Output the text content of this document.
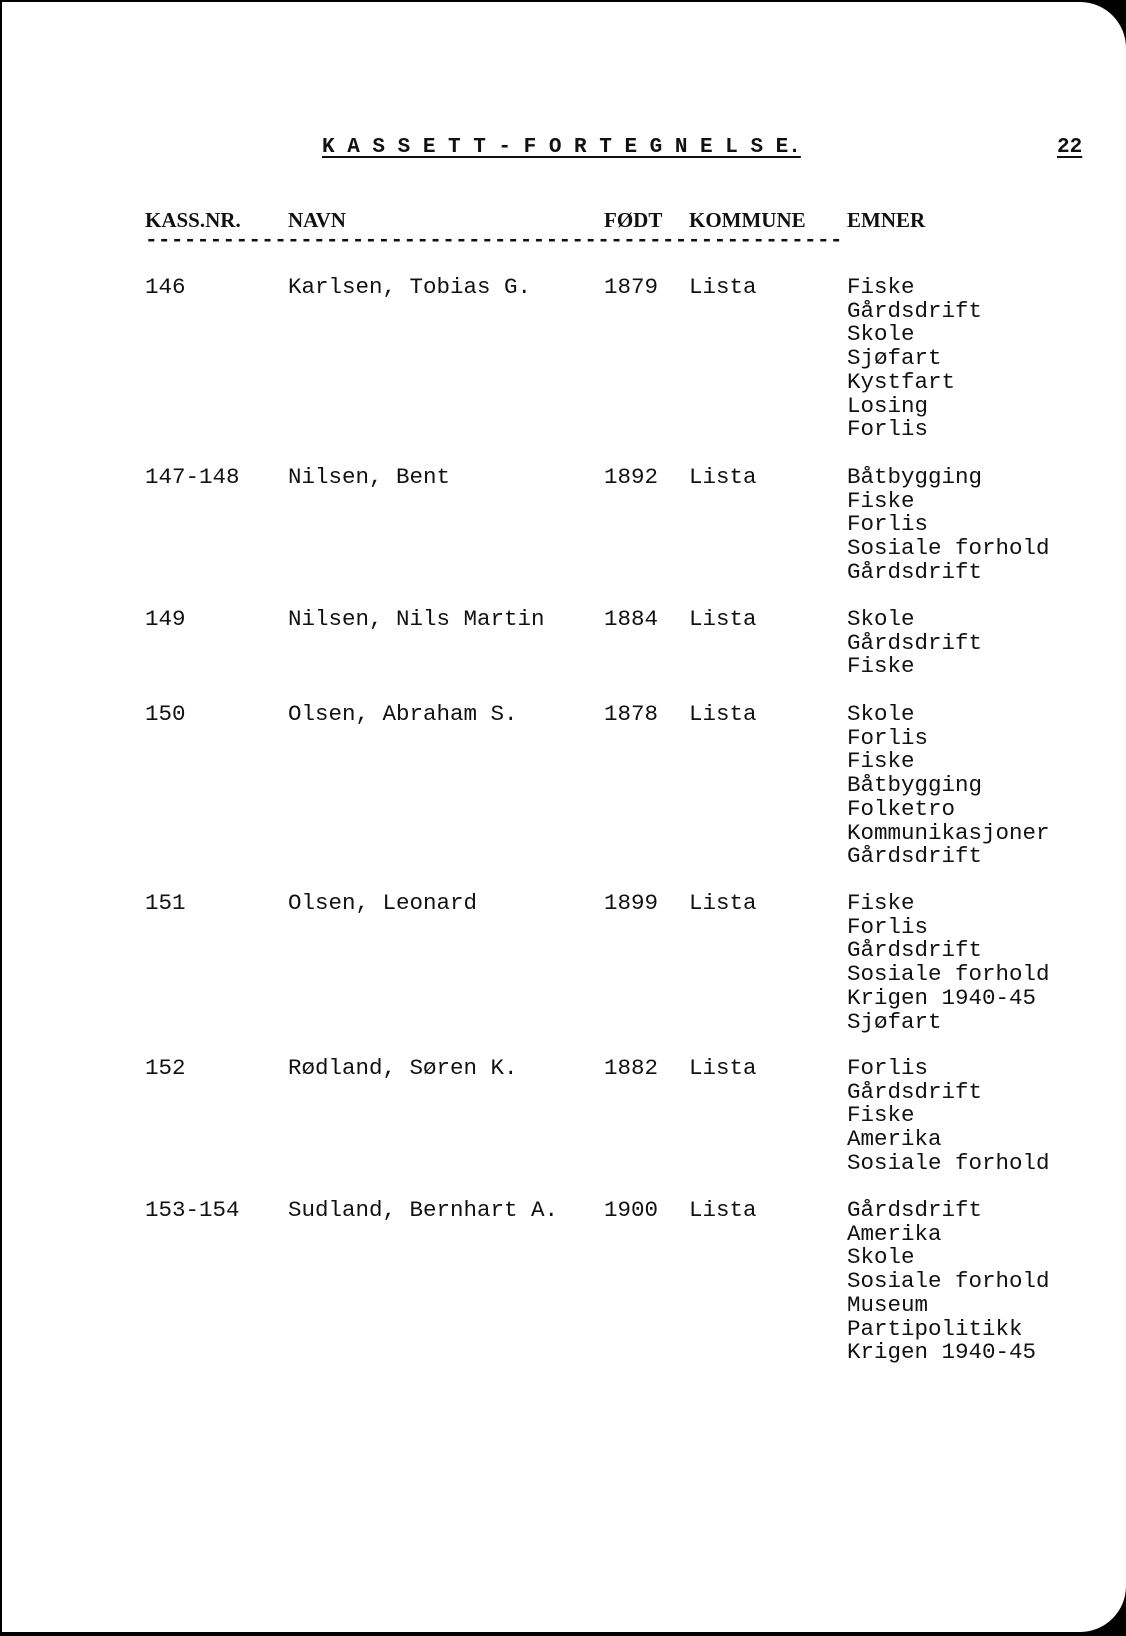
K A S S E T T - F O R T E G N E L S E.	22
KASS.NR. NAVN	FØDT KOMMUNE EMNER
------------------------------------------------------
146	Karlsen, Tobias G.	1879 Lista	Fiske
Gårdsdrift
Skole
Sjøfart
Kystfart
Losing
Forlis
147-148 Nilsen, Bent	1892 Lista	Båtbygging
Fiske
Forlis
Sosiale forhold
Gårdsdrift
149	Nilsen, Nils Martin	1884 Lista	Skole
Gårdsdrift
Fiske
150	Olsen, Abraham S.	1878 Lista	Skole
Forlis
Fiske
Båtbygging
Folketro
Kommunikasjoner
Gårdsdrift
151	Olsen, Leonard	1899 Lista	Fiske
Forlis
Gårdsdrift
Sosiale forhold
Krigen 1940-45
Sjøfart
152	Rødland, Søren K.	1882 Lista	Forlis
Gårdsdrift
Fiske
Amerika
Sosiale forhold
153-154 Sudland, Bernhart A. 1900 Lista	Gårdsdrift
Amerika
Skole
Sosiale forhold
Museum
Partipolitikk
Krigen 1940-45
